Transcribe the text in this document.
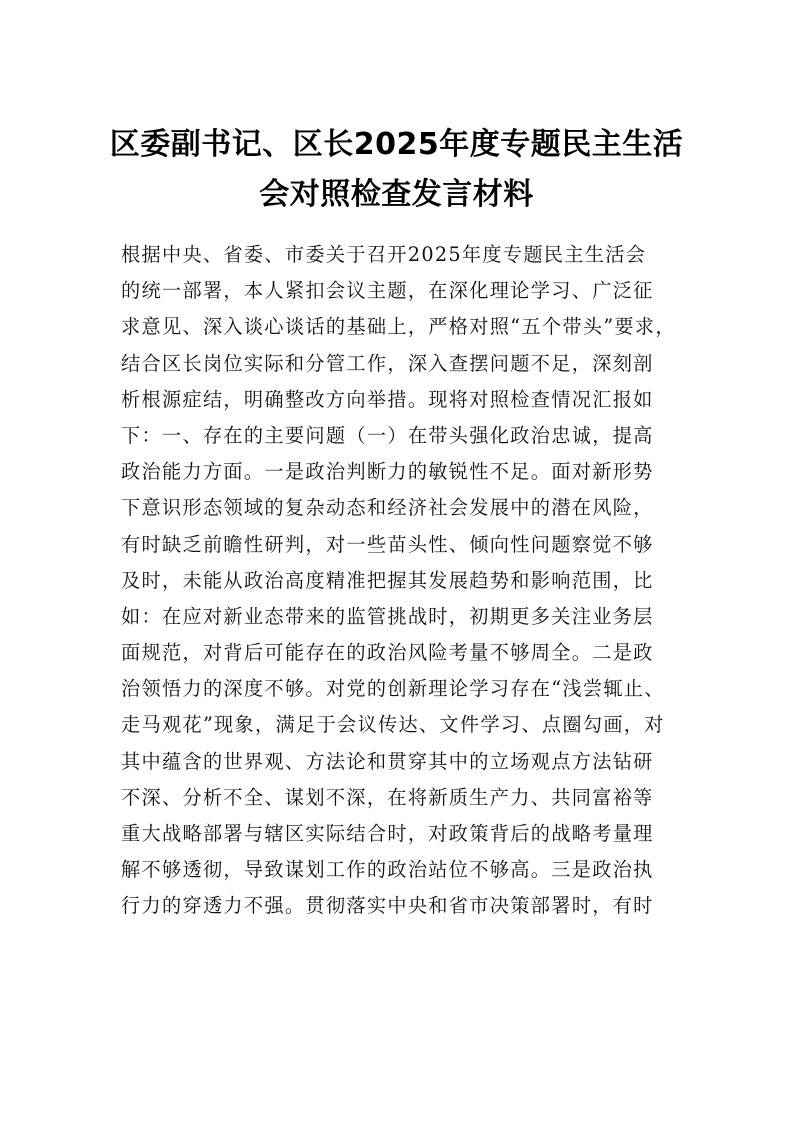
区委副书记、区长2025年度专题民主生活会对照检查发言材料
根据中央、省委、市委关于召开2025年度专题民主生活会
的统一部署，本人紧扣会议主题，在深化理论学习、广泛征
求意见、深入谈心谈话的基础上，严格对照“五个带头”要求，
结合区长岗位实际和分管工作，深入查摆问题不足，深刻剖
析根源症结，明确整改方向举措。现将对照检查情况汇报如
下：一、存在的主要问题（一）在带头强化政治忠诚，提高
政治能力方面。一是政治判断力的敏锐性不足。面对新形势
下意识形态领域的复杂动态和经济社会发展中的潜在风险，
有时缺乏前瞻性研判，对一些苗头性、倾向性问题察觉不够
及时，未能从政治高度精准把握其发展趋势和影响范围，比
如：在应对新业态带来的监管挑战时，初期更多关注业务层
面规范，对背后可能存在的政治风险考量不够周全。二是政
治领悟力的深度不够。对党的创新理论学习存在“浅尝辄止、
走马观花”现象，满足于会议传达、文件学习、点圈勾画，对
其中蕴含的世界观、方法论和贯穿其中的立场观点方法钻研
不深、分析不全、谋划不深，在将新质生产力、共同富裕等
重大战略部署与辖区实际结合时，对政策背后的战略考量理
解不够透彻，导致谋划工作的政治站位不够高。三是政治执
行力的穿透力不强。贯彻落实中央和省市决策部署时，有时
